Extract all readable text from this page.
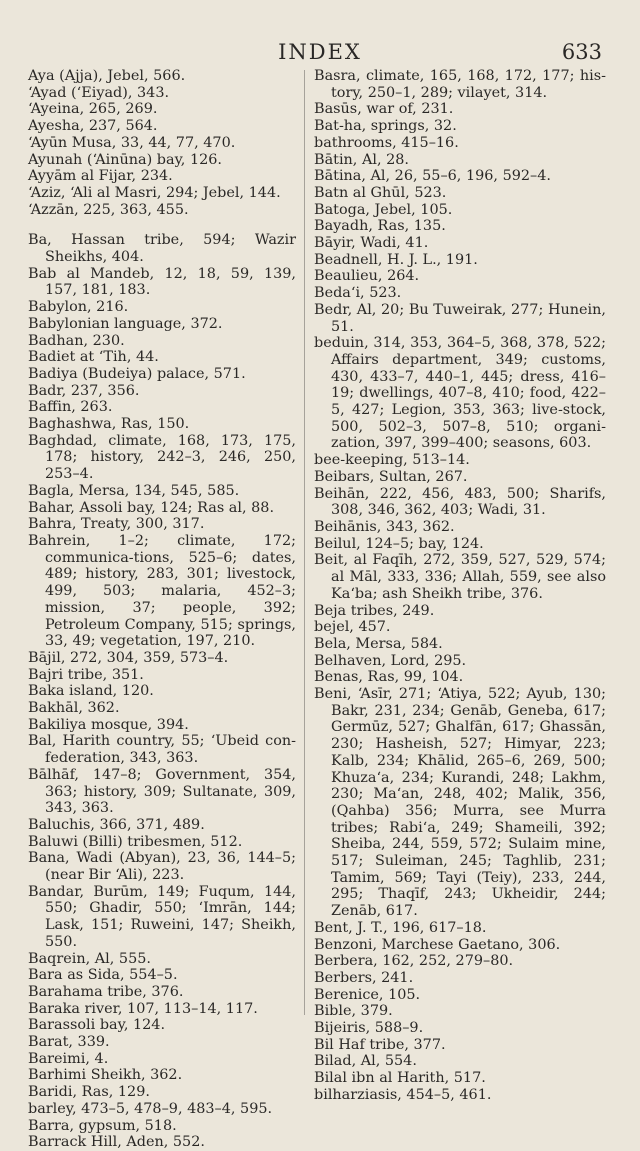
INDEX	633

Aya (Ajja), Jebel, 566.

‘Ayad (‘Eiyad), 343.

‘Ayeina, 265, 269.

Ayesha, 237, 564.

‘Ayūn Musa, 33, 44, 77, 470.

Ayunah (‘Ainūna) bay, 126.

Ayyām al Fijar, 234.

‘Aziz, ‘Ali al Masri, 294; Jebel, 144.

‘Azzān, 225, 363, 455.

Ba, Hassan tribe, 594; Wazir Sheikhs, 404.

Bab al Mandeb, 12, 18, 59, 139, 157, 181, 183.

Babylon, 216.

Babylonian language, 372.

Badhan, 230.

Badiet at ‘Tih, 44.

Badiya (Budeiya) palace, 571.

Badr, 237, 356.

Baffin, 263.

Baghashwa, Ras, 150.

Baghdad, climate, 168, 173, 175, 178; history, 242–3, 246, 250, 253–4.

Bagla, Mersa, 134, 545, 585.

Bahar, Assoli bay, 124; Ras al, 88.

Bahra, Treaty, 300, 317.

Bahrein, 1–2; climate, 172; communica-tions, 525–6; dates, 489; history, 283, 301; livestock, 499, 503; malaria, 452–3; mission, 37; people, 392; Petroleum Company, 515; springs, 33, 49; vegetation, 197, 210.

Bājil, 272, 304, 359, 573–4.

Bajri tribe, 351.

Baka island, 120.

Bakhāl, 362.

Bakiliya mosque, 394.

Bal, Harith country, 55; ‘Ubeid con-federation, 343, 363.

Bālhāf, 147–8; Government, 354, 363; history, 309; Sultanate, 309, 343, 363.

Baluchis, 366, 371, 489.

Baluwi (Billi) tribesmen, 512.

Bana, Wadi (Abyan), 23, 36, 144–5; (near Bir ‘Ali), 223.

Bandar, Burūm, 149; Fuqum, 144, 550; Ghadir, 550; ‘Imrān, 144; Lask, 151; Ruweini, 147; Sheikh, 550.

Baqrein, Al, 555.

Bara as Sida, 554–5.

Barahama tribe, 376.

Baraka river, 107, 113–14, 117.

Barassoli bay, 124.

Barat, 339.

Bareimi, 4.

Barhimi Sheikh, 362.

Baridi, Ras, 129.

barley, 473–5, 478–9, 483–4, 595.

Barra, gypsum, 518.

Barrack Hill, Aden, 552.

Basra, climate, 165, 168, 172, 177; his-tory, 250–1, 289; vilayet, 314.

Basūs, war of, 231.

Bat-ha, springs, 32.

bathrooms, 415–16.

Bātin, Al, 28.

Bātina, Al, 26, 55–6, 196, 592–4.

Batn al Ghūl, 523.

Batoga, Jebel, 105.

Bayadh, Ras, 135.

Bāyir, Wadi, 41.

Beadnell, H. J. L., 191.

Beaulieu, 264.

Beda‘i, 523.

Bedr, Al, 20; Bu Tuweirak, 277; Hunein, 51.

beduin, 314, 353, 364–5, 368, 378, 522; Affairs department, 349; customs, 430, 433–7, 440–1, 445; dress, 416–19; dwellings, 407–8, 410; food, 422–5, 427; Legion, 353, 363; live-stock, 500, 502–3, 507–8, 510; organi-zation, 397, 399–400; seasons, 603.

bee-keeping, 513–14.

Beibars, Sultan, 267.

Beihān, 222, 456, 483, 500; Sharifs, 308, 346, 362, 403; Wadi, 31.

Beihānis, 343, 362.

Beilul, 124–5; bay, 124.

Beit, al Faqīh, 272, 359, 527, 529, 574; al Māl, 333, 336; Allah, 559, see also Ka‘ba; ash Sheikh tribe, 376.

Beja tribes, 249.

bejel, 457.

Bela, Mersa, 584.

Belhaven, Lord, 295.

Benas, Ras, 99, 104.

Beni, ‘Asīr, 271; ‘Atiya, 522; Ayub, 130; Bakr, 231, 234; Genāb, Geneba, 617; Germūz, 527; Ghalfān, 617; Ghassān, 230; Hasheish, 527; Himyar, 223; Kalb, 234; Khālid, 265–6, 269, 500; Khuza‘a, 234; Kurandi, 248; Lakhm, 230; Ma‘an, 248, 402; Malik, 356, (Qahba) 356; Murra, see Murra tribes; Rabi‘a, 249; Shameili, 392; Sheiba, 244, 559, 572; Sulaim mine, 517; Suleiman, 245; Taghlib, 231; Tamim, 569; Tayi (Teiy), 233, 244, 295; Thaqīf, 243; Ukheidir, 244; Zenāb, 617.

Bent, J. T., 196, 617–18.

Benzoni, Marchese Gaetano, 306.

Berbera, 162, 252, 279–80.

Berbers, 241.

Berenice, 105.

Bible, 379.

Bijeiris, 588–9.

Bil Haf tribe, 377.

Bilad, Al, 554.

Bilal ibn al Harith, 517.

bilharziasis, 454–5, 461.
